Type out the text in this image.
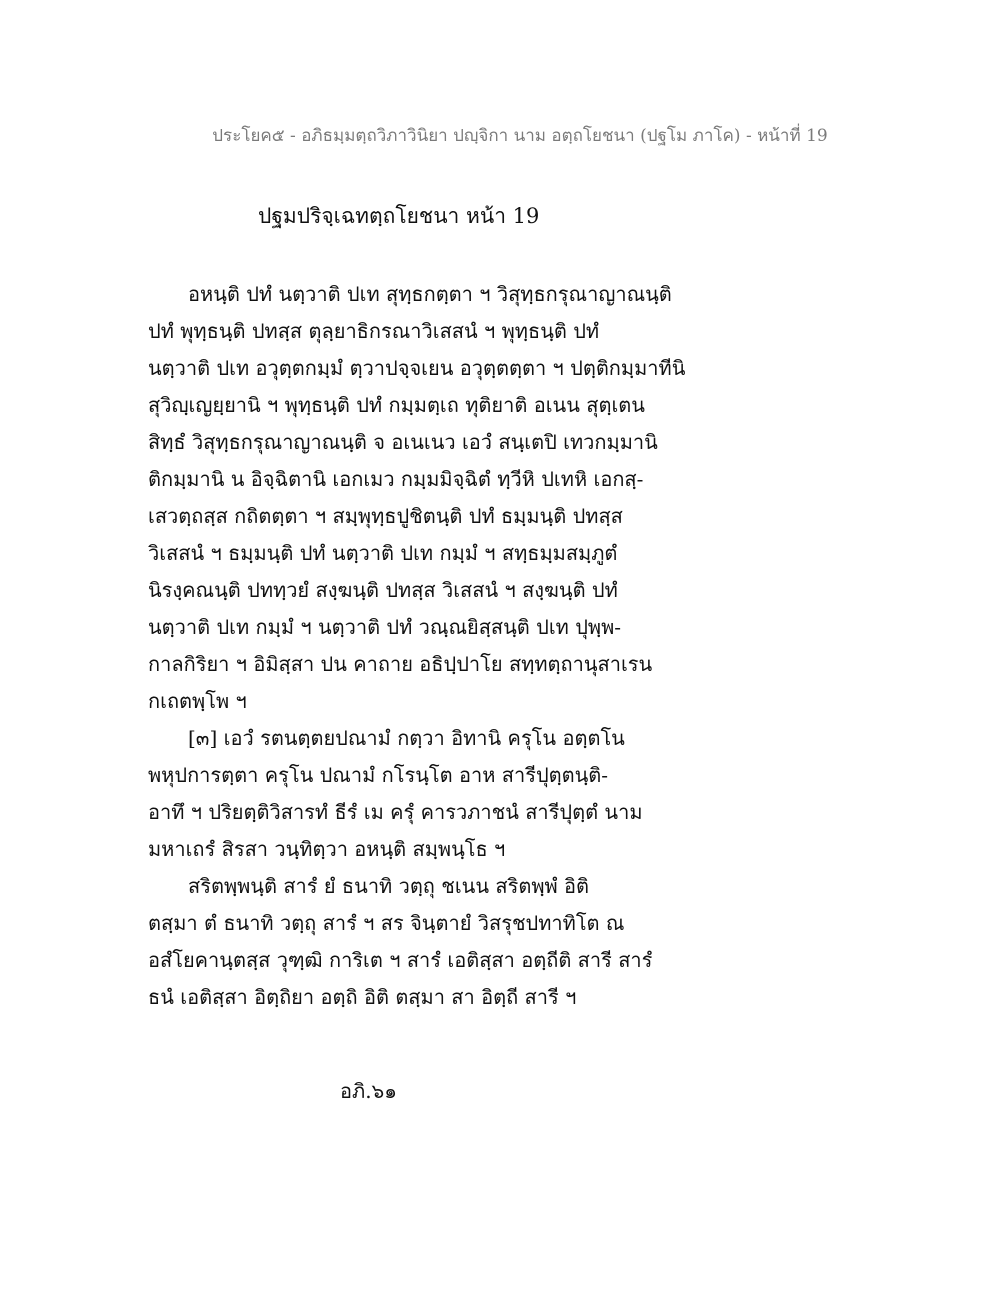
ประโยค๕ - อภิธมฺมตฺถวิภาวินิยา ปญฺจิกา นาม อตฺถโยชนา (ปฐโม ภาโค) - หน้าที่ 19
ปฐมปริจฺเฉทตฺถโยชนา หน้า 19
อหนฺติ ปทํ นตฺวาติ ปเท สุทฺธกตฺตา ฯ วิสุทฺธกรุณาญาณนฺติ
ปทํ พุทฺธนฺติ ปทสฺส ตุลฺยาธิกรณาวิเสสนํ ฯ พุทฺธนฺติ ปทํ
นตฺวาติ ปเท อวุตฺตกมฺมํ ตฺวาปจฺจเยน อวุตฺตตฺตา ฯ ปตฺติกมฺมาทีนิ
สุวิญฺเญยฺยานิ ฯ พุทฺธนฺติ ปทํ กมฺมตฺเถ ทุติยาติ อเนน สุตฺเตน
สิทฺธํ วิสุทฺธกรุณาญาณนฺติ จ อเนเนว เอวํ สนฺเตปิ เทวกมฺมานิ
ติกมฺมานิ น อิจฺฉิตานิ เอกเมว กมฺมมิจฺฉิตํ ทฺวีหิ ปเทหิ เอกสฺ-
เสวตฺถสฺส กถิตตฺตา ฯ สมฺพุทฺธปูชิตนฺติ ปทํ ธมฺมนฺติ ปทสฺส
วิเสสนํ ฯ ธมฺมนฺติ ปทํ นตฺวาติ ปเท กมฺมํ ฯ สทฺธมฺมสมฺภูตํ
นิรงฺคณนฺติ ปททฺวยํ สงฺฆนฺติ ปทสฺส วิเสสนํ ฯ สงฺฆนฺติ ปทํ
นตฺวาติ ปเท กมฺมํ ฯ นตฺวาติ ปทํ วณฺณยิสฺสนฺติ ปเท ปุพฺพ-
กาลกิริยา ฯ อิมิสฺสา ปน คาถาย อธิปฺปาโย สทฺทตฺถานุสาเรน
กเถตพฺโพ ฯ
[๓] เอวํ รตนตฺตยปณามํ กตฺวา อิทานิ ครุโน อตฺตโน
พหุปการตฺตา ครุโน ปณามํ กโรนฺโต อาห สารีปุตฺตนฺติ-
อาทึ ฯ ปริยตฺติวิสารทํ ธีรํ เม ครุํ คารวภาชนํ สารีปุตฺตํ นาม
มหาเถรํ สิรสา วนฺทิตฺวา อหนฺติ สมฺพนฺโธ ฯ
สริตพฺพนฺติ สารํ ยํ ธนาทิ วตฺถุ ชเนน สริตพฺพํ อิติ
ตสฺมา ตํ ธนาทิ วตฺถุ สารํ ฯ สร จินฺตายํ วิสรุชปทาทิโต ณ
อสํโยคานฺตสฺส วุฑฺฒิ การิเต ฯ สารํ เอติสฺสา อตฺถีติ สารี สารํ
ธนํ เอติสฺสา อิตฺถิยา อตฺถิ อิติ ตสฺมา สา อิตฺถี สารี ฯ
อภิ.๖๑
